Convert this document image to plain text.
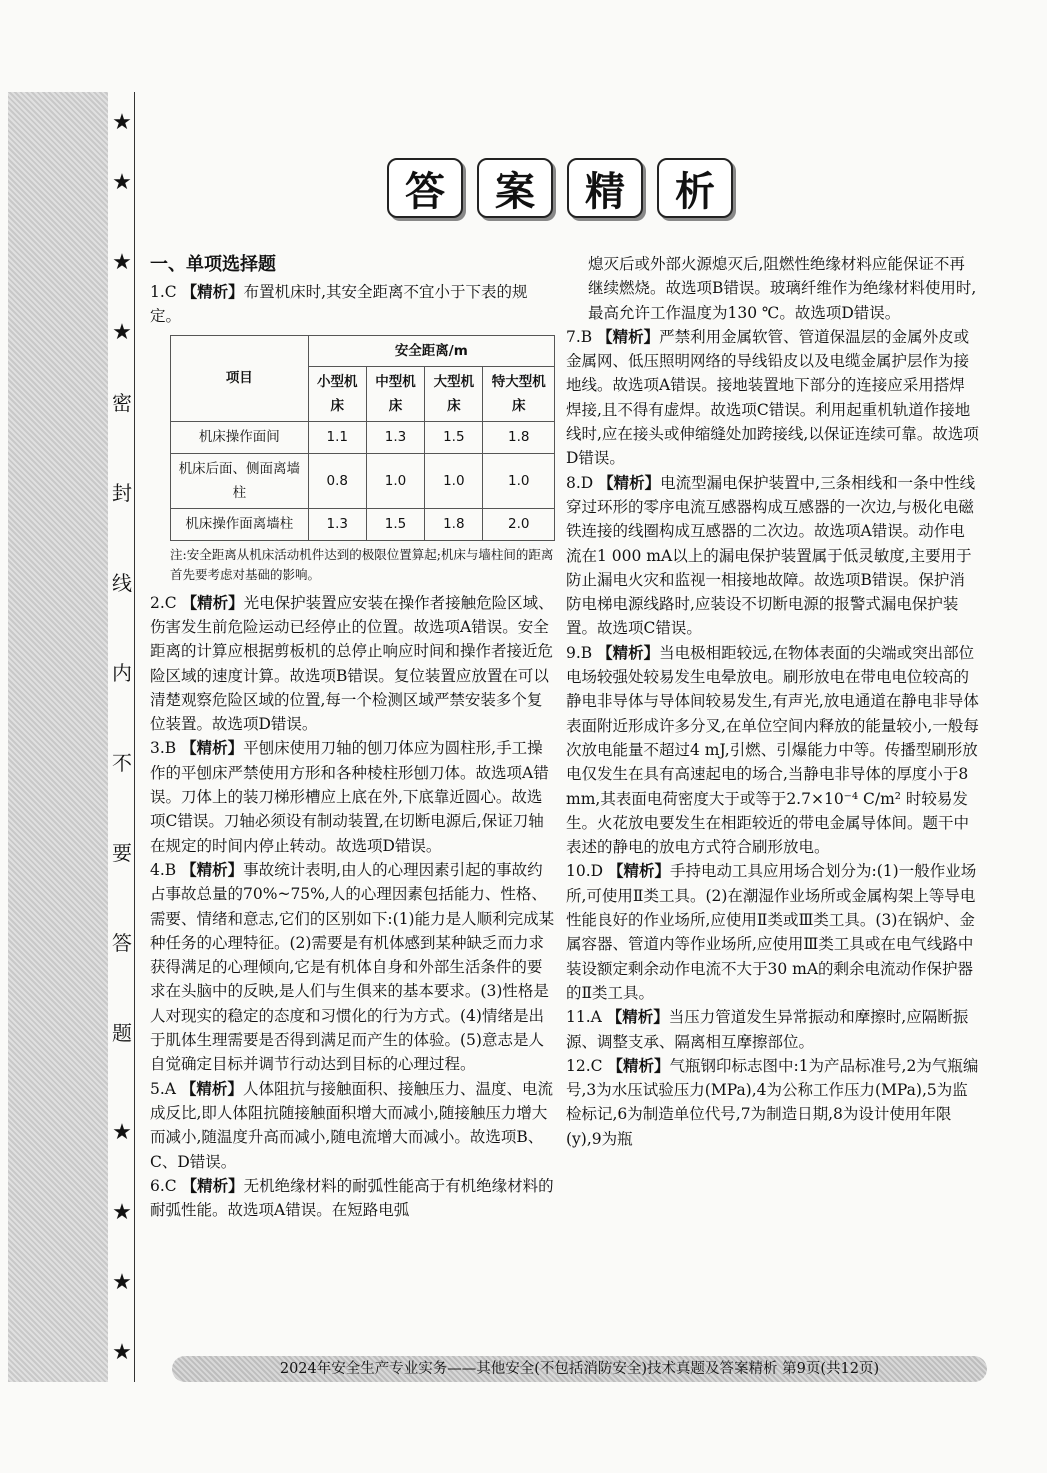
★
★
★
★
密
封
线
内
不
要
答
题
★
★
★
★
答	案	精	析
一、单项选择题

1.C 【精析】布置机床时,其安全距离不宜小于下表的规定。

项目	安全距离/m			
	小型机床	中型机床	大型机床	特大型机床
机床操作面间	1.1	1.3	1.5	1.8
机床后面、侧面离墙柱	0.8	1.0	1.0	1.0
机床操作面离墙柱	1.3	1.5	1.8	2.0
注:安全距离从机床活动机件达到的极限位置算起;机床与墙柱间的距离首先要考虑对基础的影响。

2.C 【精析】光电保护装置应安装在操作者接触危险区域、伤害发生前危险运动已经停止的位置。故选项A错误。安全距离的计算应根据剪板机的总停止响应时间和操作者接近危险区域的速度计算。故选项B错误。复位装置应放置在可以清楚观察危险区域的位置,每一个检测区域严禁安装多个复位装置。故选项D错误。

3.B 【精析】平刨床使用刀轴的刨刀体应为圆柱形,手工操作的平刨床严禁使用方形和各种棱柱形刨刀体。故选项A错误。刀体上的装刀梯形槽应上底在外,下底靠近圆心。故选项C错误。刀轴必须设有制动装置,在切断电源后,保证刀轴在规定的时间内停止转动。故选项D错误。

4.B 【精析】事故统计表明,由人的心理因素引起的事故约占事故总量的70%~75%,人的心理因素包括能力、性格、需要、情绪和意志,它们的区别如下:(1)能力是人顺利完成某种任务的心理特征。(2)需要是有机体感到某种缺乏而力求获得满足的心理倾向,它是有机体自身和外部生活条件的要求在头脑中的反映,是人们与生俱来的基本要求。(3)性格是人对现实的稳定的态度和习惯化的行为方式。(4)情绪是出于肌体生理需要是否得到满足而产生的体验。(5)意志是人自觉确定目标并调节行动达到目标的心理过程。

5.A 【精析】人体阻抗与接触面积、接触压力、温度、电流成反比,即人体阻抗随接触面积增大而减小,随接触压力增大而减小,随温度升高而减小,随电流增大而减小。故选项B、C、D错误。

6.C 【精析】无机绝缘材料的耐弧性能高于有机绝缘材料的耐弧性能。故选项A错误。在短路电弧

熄灭后或外部火源熄灭后,阻燃性绝缘材料应能保证不再继续燃烧。故选项B错误。玻璃纤维作为绝缘材料使用时,最高允许工作温度为130 ℃。故选项D错误。

7.B 【精析】严禁利用金属软管、管道保温层的金属外皮或金属网、低压照明网络的导线铅皮以及电缆金属护层作为接地线。故选项A错误。接地装置地下部分的连接应采用搭焊焊接,且不得有虚焊。故选项C错误。利用起重机轨道作接地线时,应在接头或伸缩缝处加跨接线,以保证连续可靠。故选项D错误。

8.D 【精析】电流型漏电保护装置中,三条相线和一条中性线穿过环形的零序电流互感器构成互感器的一次边,与极化电磁铁连接的线圈构成互感器的二次边。故选项A错误。动作电流在1 000 mA以上的漏电保护装置属于低灵敏度,主要用于防止漏电火灾和监视一相接地故障。故选项B错误。保护消防电梯电源线路时,应装设不切断电源的报警式漏电保护装置。故选项C错误。

9.B 【精析】当电极相距较远,在物体表面的尖端或突出部位电场较强处较易发生电晕放电。刷形放电在带电电位较高的静电非导体与导体间较易发生,有声光,放电通道在静电非导体表面附近形成许多分叉,在单位空间内释放的能量较小,一般每次放电能量不超过4 mJ,引燃、引爆能力中等。传播型刷形放电仅发生在具有高速起电的场合,当静电非导体的厚度小于8 mm,其表面电荷密度大于或等于2.7×10⁻⁴ C/m² 时较易发生。火花放电要发生在相距较近的带电金属导体间。题干中表述的静电的放电方式符合刷形放电。

10.D 【精析】手持电动工具应用场合划分为:(1)一般作业场所,可使用Ⅱ类工具。(2)在潮湿作业场所或金属构架上等导电性能良好的作业场所,应使用Ⅱ类或Ⅲ类工具。(3)在锅炉、金属容器、管道内等作业场所,应使用Ⅲ类工具或在电气线路中装设额定剩余动作电流不大于30 mA的剩余电流动作保护器的Ⅱ类工具。

11.A 【精析】当压力管道发生异常振动和摩擦时,应隔断振源、调整支承、隔离相互摩擦部位。

12.C 【精析】气瓶钢印标志图中:1为产品标准号,2为气瓶编号,3为水压试验压力(MPa),4为公称工作压力(MPa),5为监检标记,6为制造单位代号,7为制造日期,8为设计使用年限(y),9为瓶

2024年安全生产专业实务——其他安全(不包括消防安全)技术真题及答案精析 第9页(共12页)
